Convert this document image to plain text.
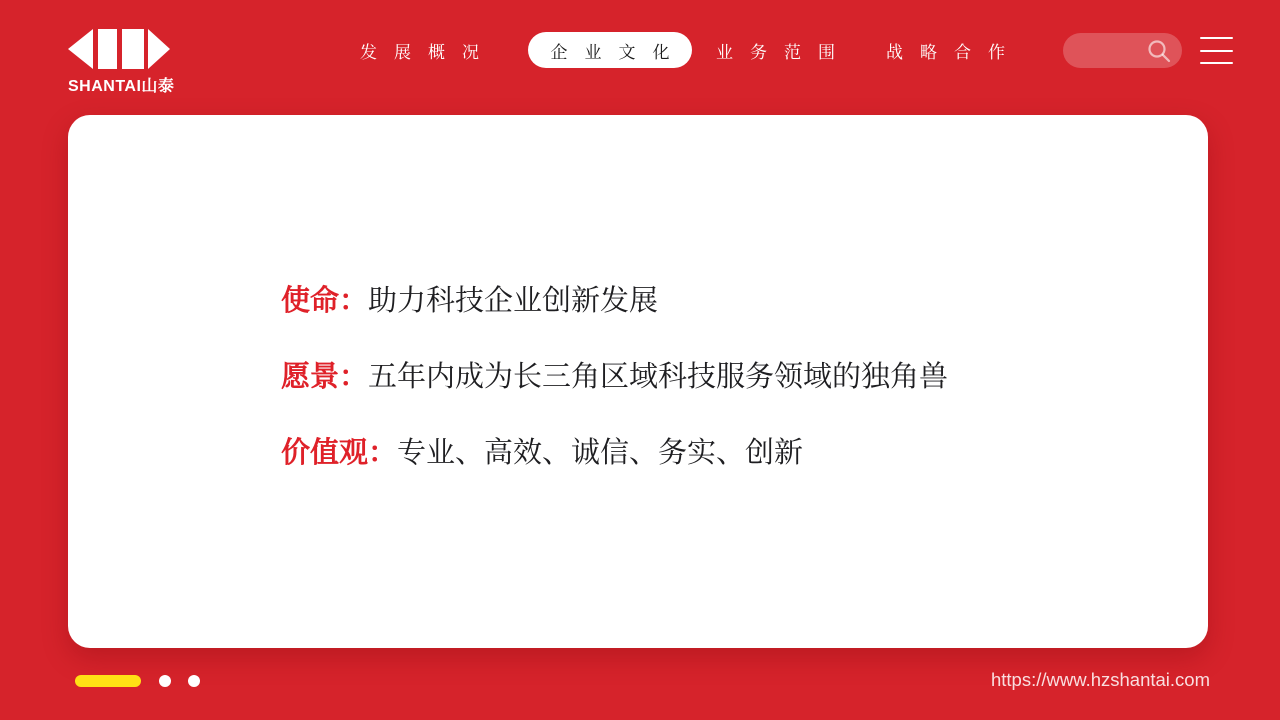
SHANTAI山泰
发展概况	企业文化 业务范围 战略合作
使命：助力科技企业创新发展
愿景：五年内成为长三角区域科技服务领域的独角兽
价值观：专业、高效、诚信、务实、创新
https://www.hzshantai.com
